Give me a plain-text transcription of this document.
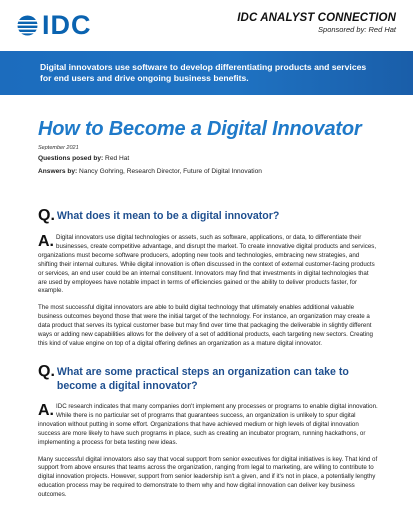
IDC	IDC ANALYST CONNECTION
Sponsored by: Red Hat
Digital innovators use software to develop differentiating products and services for end users and drive ongoing business benefits.
How to Become a Digital Innovator
September 2021
Questions posed by: Red Hat
Answers by: Nancy Gohring, Research Director, Future of Digital Innovation
Q. What does it mean to be a digital innovator?
A. Digital innovators use digital technologies or assets, such as software, applications, or data, to differentiate their businesses, create competitive advantage, and disrupt the market. To create innovative digital products and services, organizations must become software producers, adopting new tools and technologies, embracing new strategies, and shifting their internal cultures. While digital innovation is often discussed in the context of external customer-facing products or services, an end user could be an internal constituent. Innovators may find that investments in digital technologies that are used by employees have notable impact in terms of efficiencies gained or the ability to deliver products faster, for example.

The most successful digital innovators are able to build digital technology that ultimately enables additional valuable business outcomes beyond those that were the initial target of the technology. For instance, an organization may create a data product that serves its typical customer base but may find over time that packaging the deliverable in slightly different ways or adding new capabilities allows for the delivery of a set of additional products, each targeting new sectors. Creating this kind of value engine on top of a digital offering defines an organization as a mature digital innovator.

Q. What are some practical steps an organization can take to become a digital innovator?
A. IDC research indicates that many companies don't implement any processes or programs to enable digital innovation. While there is no particular set of programs that guarantees success, an organization is unlikely to spur digital innovation without putting in some effort. Organizations that have achieved medium or high levels of digital innovation success are more likely to have such programs in place, such as creating an incubator program, running hackathons, or implementing a process for beta testing new ideas.

Many successful digital innovators also say that vocal support from senior executives for digital initiatives is key. That kind of support from above ensures that teams across the organization, ranging from legal to marketing, are willing to contribute to digital innovation projects. However, support from senior leadership isn't a given, and if it's not in place, a potentially lengthy education process may be required to demonstrate to them why and how digital innovation can deliver key business outcomes.
